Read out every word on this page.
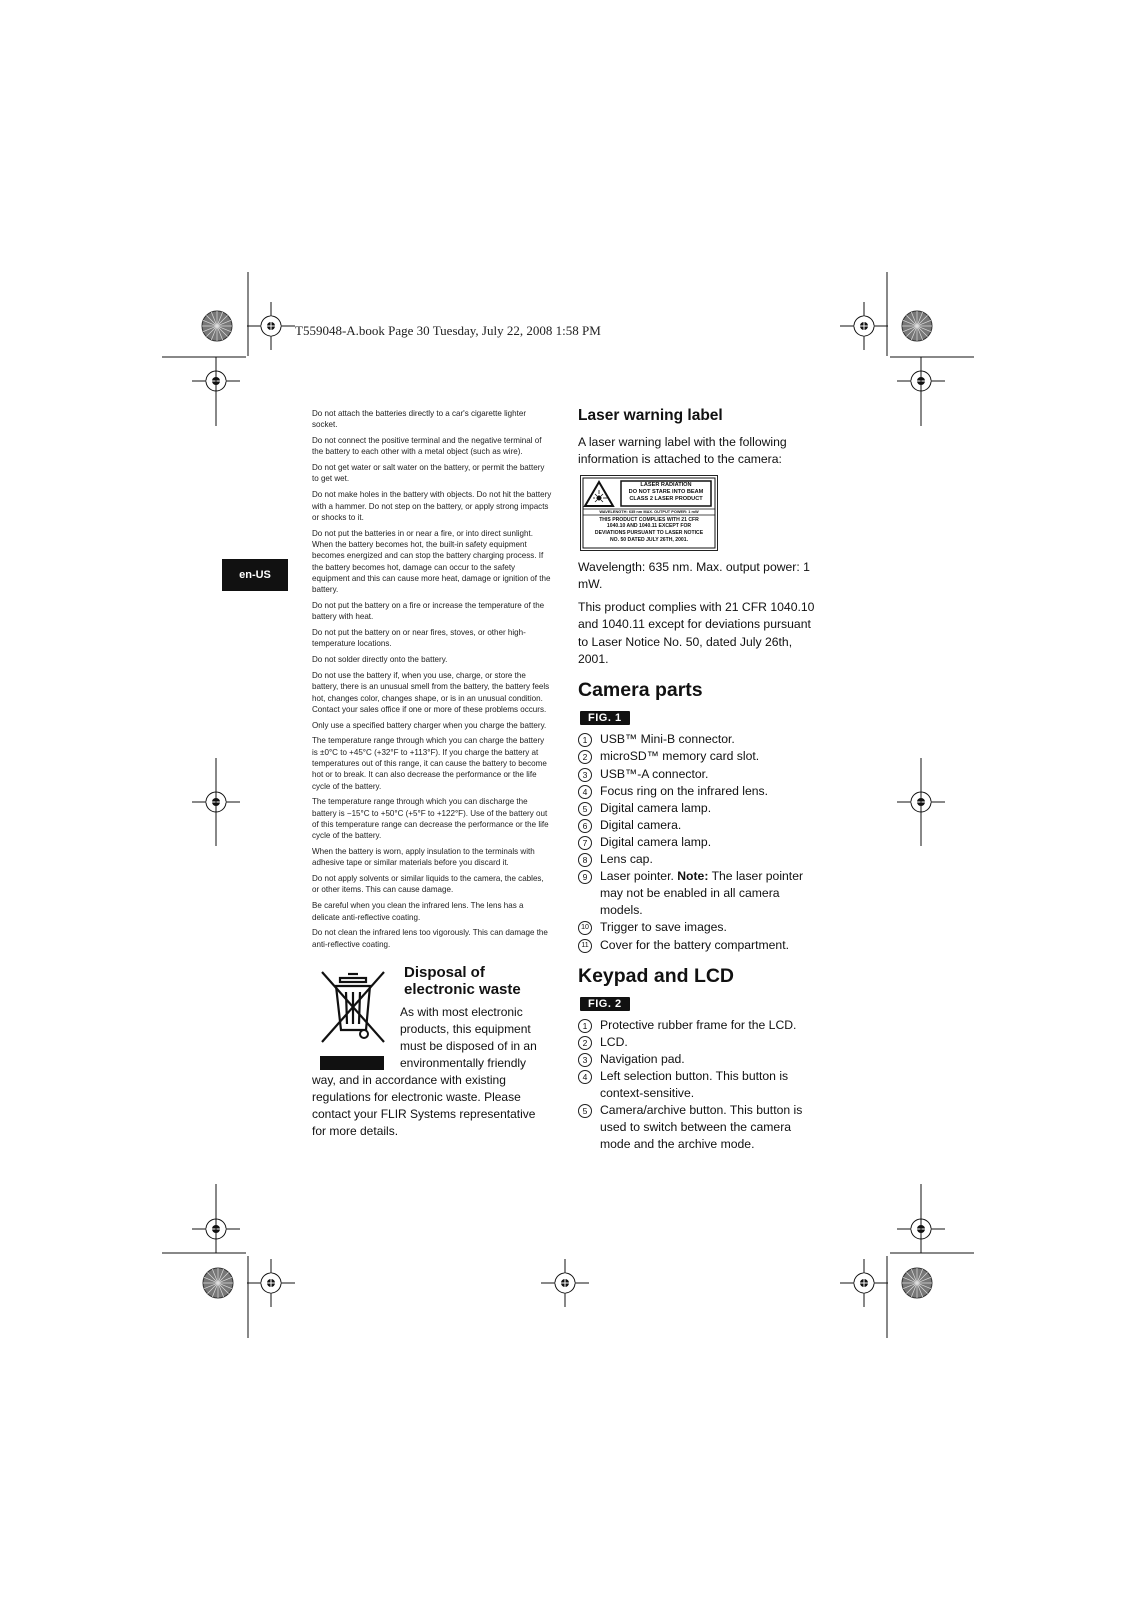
T559048-A.book Page 30 Tuesday, July 22, 2008 1:58 PM
en-US

Do not attach the batteries directly to a car's cigarette lighter socket.

Do not connect the positive terminal and the negative terminal of the battery to each other with a metal object (such as wire).

Do not get water or salt water on the battery, or permit the battery to get wet.

Do not make holes in the battery with objects. Do not hit the battery with a hammer. Do not step on the battery, or apply strong impacts or shocks to it.

Do not put the batteries in or near a fire, or into direct sunlight. When the battery becomes hot, the built-in safety equipment becomes energized and can stop the battery charging process. If the battery becomes hot, damage can occur to the safety equipment and this can cause more heat, damage or ignition of the battery.

Do not put the battery on a fire or increase the temperature of the battery with heat.

Do not put the battery on or near fires, stoves, or other high-temperature locations.

Do not solder directly onto the battery.

Do not use the battery if, when you use, charge, or store the battery, there is an unusual smell from the battery, the battery feels hot, changes color, changes shape, or is in an unusual condition. Contact your sales office if one or more of these problems occurs.

Only use a specified battery charger when you charge the battery.

The temperature range through which you can charge the battery is ±0°C to +45°C (+32°F to +113°F). If you charge the battery at temperatures out of this range, it can cause the battery to become hot or to break. It can also decrease the performance or the life cycle of the battery.

The temperature range through which you can discharge the battery is −15°C to +50°C (+5°F to +122°F). Use of the battery out of this temperature range can decrease the performance or the life cycle of the battery.

When the battery is worn, apply insulation to the terminals with adhesive tape or similar materials before you discard it.

Do not apply solvents or similar liquids to the camera, the cables, or other items. This can cause damage.

Be careful when you clean the infrared lens. The lens has a delicate anti-reflective coating.

Do not clean the infrared lens too vigorously. This can damage the anti-reflective coating.

Disposal of electronic waste
As with most electronic products, this equipment must be disposed of in an environmentally friendly way, and in accordance with existing regulations for electronic waste. Please contact your FLIR Systems representative for more details.
Laser warning label

A laser warning label with the following information is attached to the camera:

LASER RADIATION
DO NOT STARE INTO BEAM
CLASS 2 LASER PRODUCT
WAVELENGTH: 635 nm MAX. OUTPUT POWER: 1 mW
THIS PRODUCT COMPLIES WITH 21 CFR
1040.10 AND 1040.11 EXCEPT FOR
DEVIATIONS PURSUANT TO LASER NOTICE
NO. 50 DATED JULY 26TH, 2001.

Wavelength: 635 nm. Max. output power: 1 mW.

This product complies with 21 CFR 1040.10 and 1040.11 except for deviations pursuant to Laser Notice No. 50, dated July 26th, 2001.

Camera parts
FIG. 1
1	USB™ Mini-B connector.
2	microSD™ memory card slot.
3	USB™-A connector.
4	Focus ring on the infrared lens.
5	Digital camera lamp.
6	Digital camera.
7	Digital camera lamp.
8	Lens cap.
9	Laser pointer. Note: The laser pointer may not be enabled in all camera models.
10 Trigger to save images.
11 Cover for the battery compartment.
Keypad and LCD
FIG. 2
1	Protective rubber frame for the LCD.
2	LCD.
3	Navigation pad.
4	Left selection button. This button is context-sensitive.
5	Camera/archive button. This button is used to switch between the camera mode and the archive mode.
